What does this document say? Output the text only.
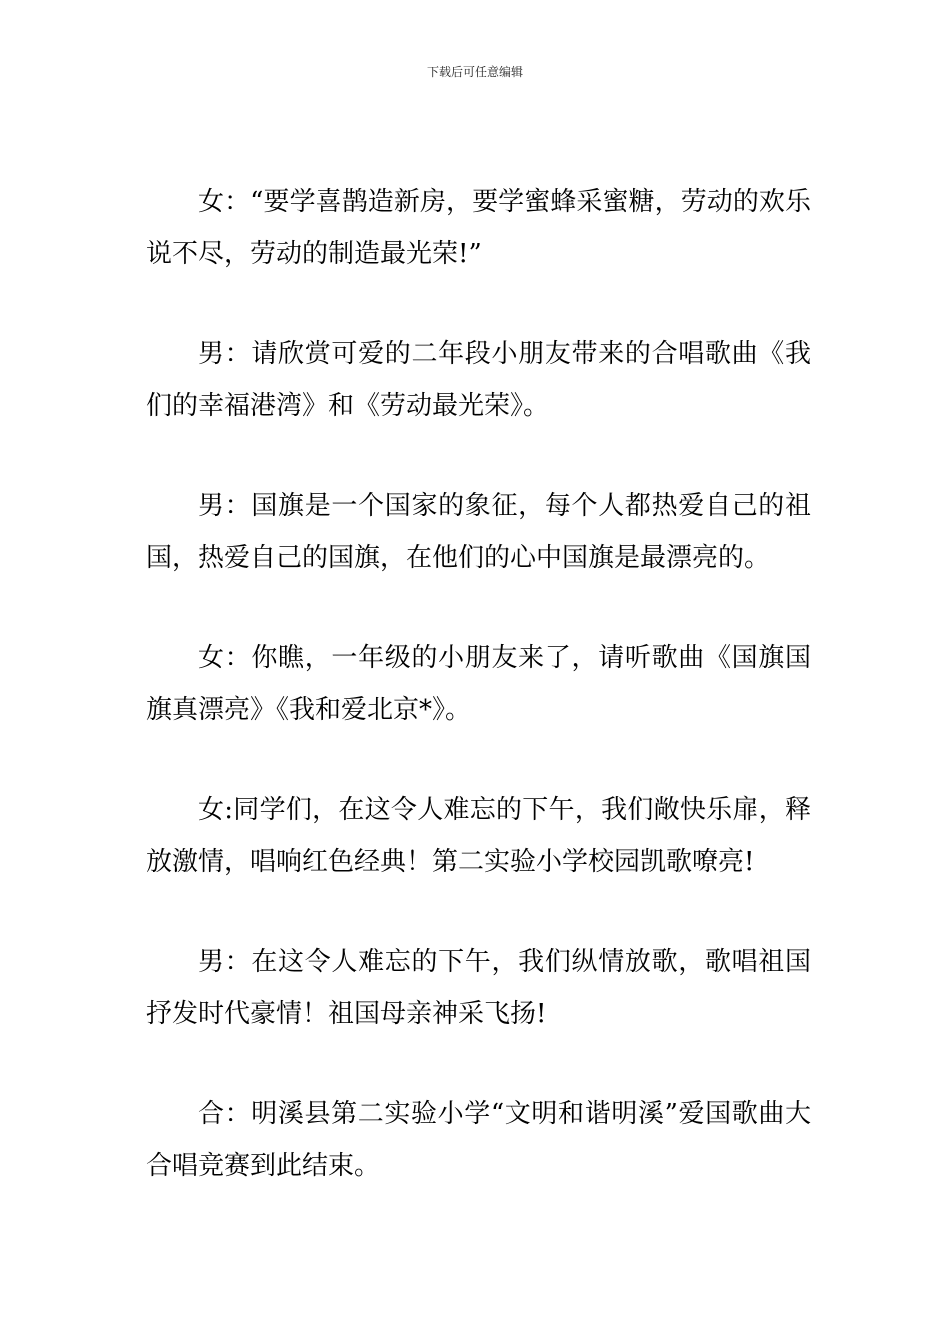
下载后可任意编辑

女：“要学喜鹊造新房，要学蜜蜂采蜜糖，劳动的欢乐说不尽，劳动的制造最光荣!”

男：请欣赏可爱的二年段小朋友带来的合唱歌曲《我们的幸福港湾》和《劳动最光荣》。

男：国旗是一个国家的象征，每个人都热爱自己的祖国，热爱自己的国旗，在他们的心中国旗是最漂亮的。

女：你瞧，一年级的小朋友来了，请听歌曲《国旗国旗真漂亮》《我和爱北京*》。

女:同学们，在这令人难忘的下午，我们敞快乐扉，释放激情，唱响红色经典！第二实验小学校园凯歌嘹亮!

男：在这令人难忘的下午，我们纵情放歌，歌唱祖国抒发时代豪情！祖国母亲神采飞扬!

合：明溪县第二实验小学“文明和谐明溪”爱国歌曲大合唱竞赛到此结束。
